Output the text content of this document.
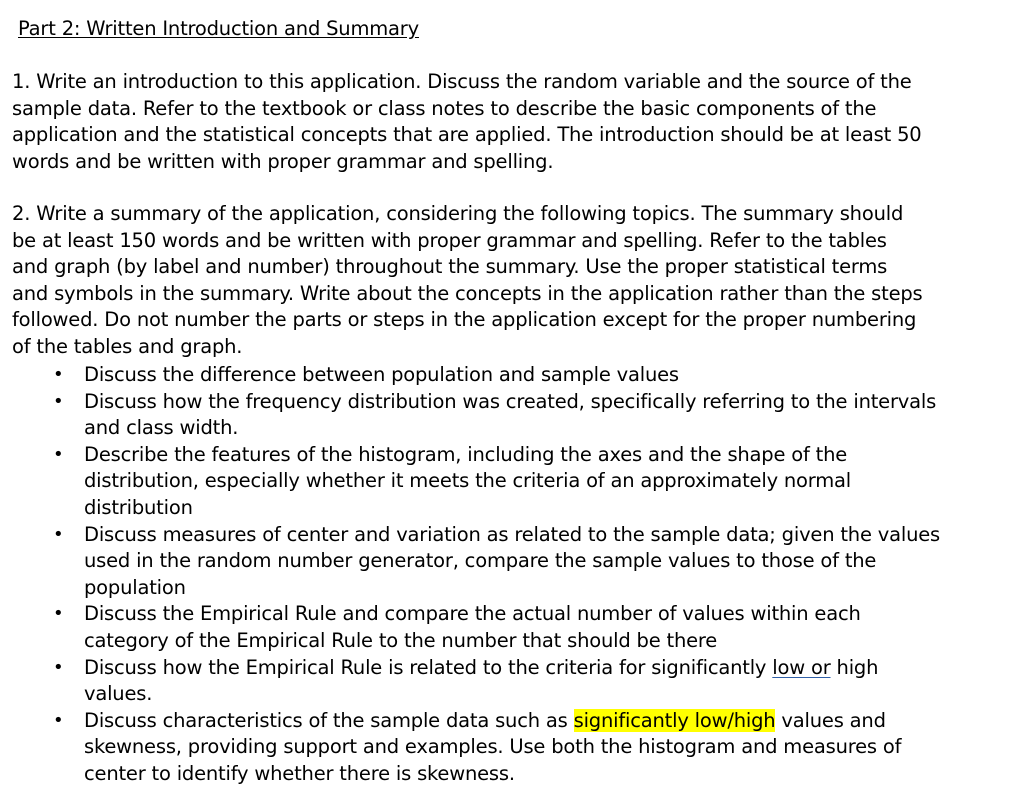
Part 2: Written Introduction and Summary
1. Write an introduction to this application. Discuss the random variable and the source of the
sample data. Refer to the textbook or class notes to describe the basic components of the
application and the statistical concepts that are applied. The introduction should be at least 50
words and be written with proper grammar and spelling.
2. Write a summary of the application, considering the following topics. The summary should
be at least 150 words and be written with proper grammar and spelling. Refer to the tables
and graph (by label and number) throughout the summary. Use the proper statistical terms
and symbols in the summary. Write about the concepts in the application rather than the steps
followed. Do not number the parts or steps in the application except for the proper numbering
of the tables and graph.
• Discuss the difference between population and sample values
• Discuss how the frequency distribution was created, specifically referring to the intervals
and class width.
• Describe the features of the histogram, including the axes and the shape of the
distribution, especially whether it meets the criteria of an approximately normal
distribution
• Discuss measures of center and variation as related to the sample data; given the values
used in the random number generator, compare the sample values to those of the
population
• Discuss the Empirical Rule and compare the actual number of values within each
category of the Empirical Rule to the number that should be there
• Discuss how the Empirical Rule is related to the criteria for significantly low or high
values.
• Discuss characteristics of the sample data such as significantly low/high values and
skewness, providing support and examples. Use both the histogram and measures of
center to identify whether there is skewness.
